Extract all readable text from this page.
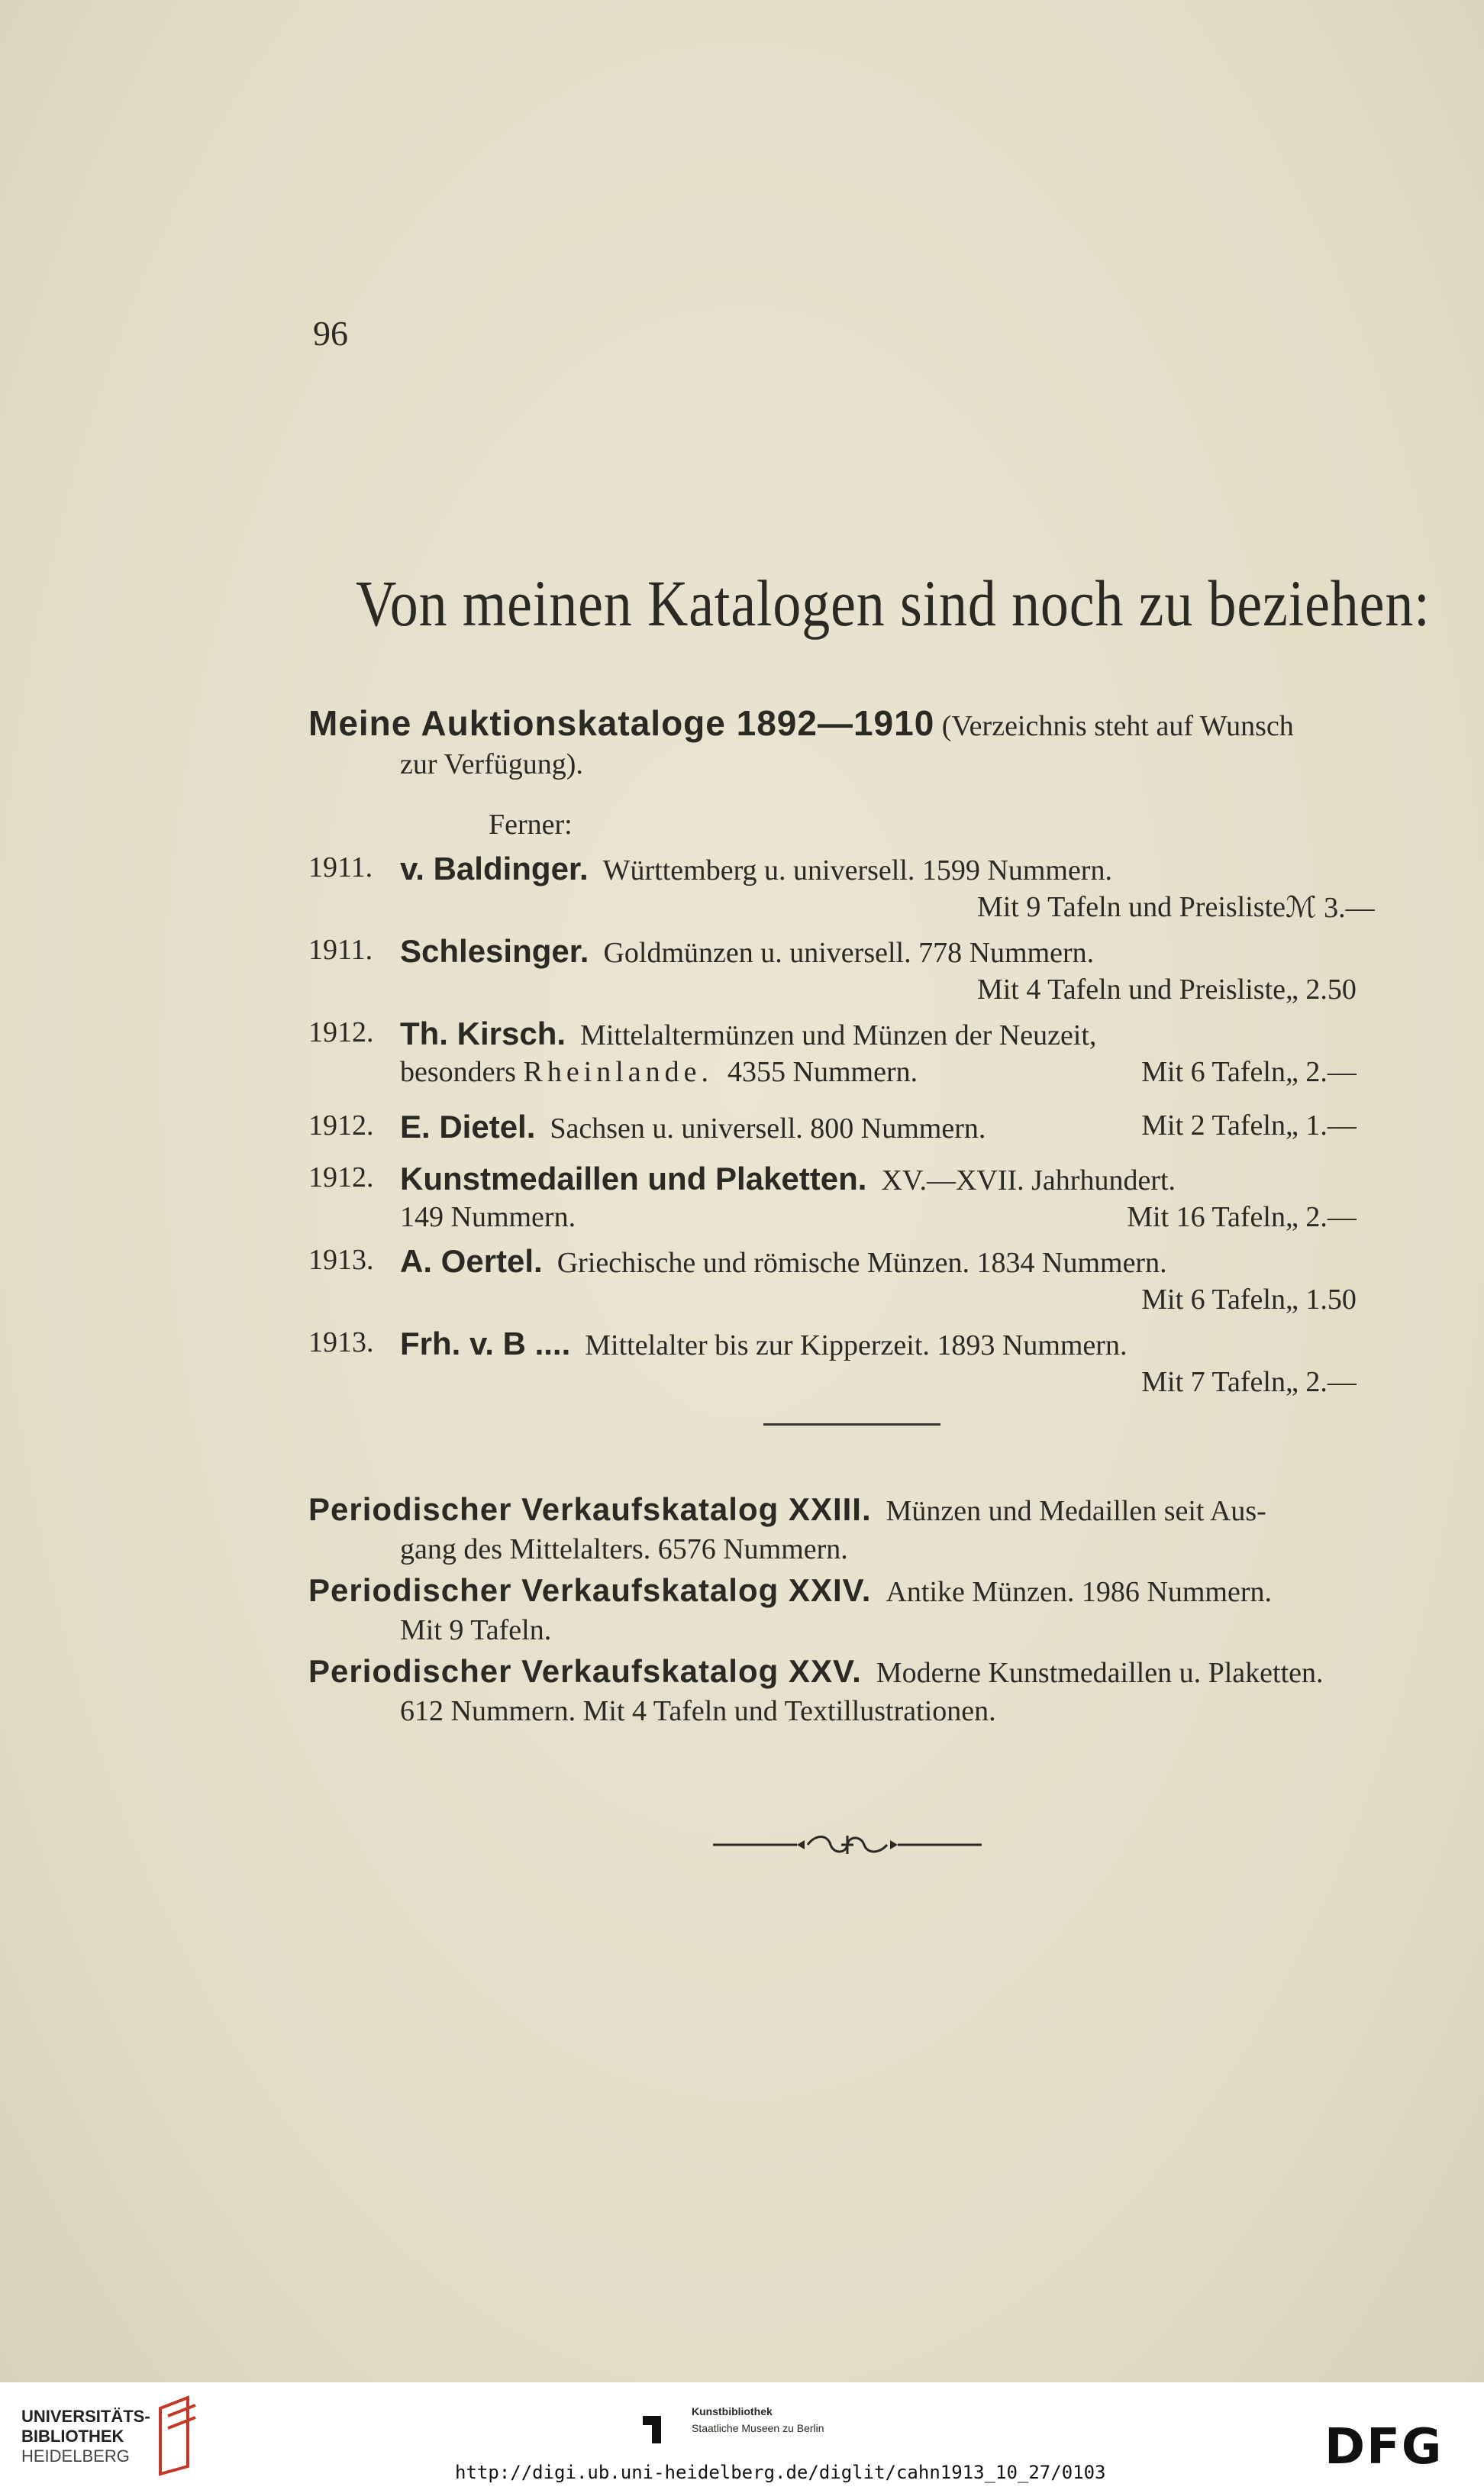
96
Von meinen Katalogen sind noch zu beziehen:
Meine Auktionskataloge 1892—1910 (Verzeichnis steht auf Wunsch
zur Verfügung).
Ferner:
1911. v. Baldinger. Württemberg u. universell. 1599 Nummern.
Mit 9 Tafeln und Preisliste ℳ 3.—
1911. Schlesinger. Goldmünzen u. universell. 778 Nummern.
Mit 4 Tafeln und Preisliste „ 2.50
1912. Th. Kirsch. Mittelaltermünzen und Münzen der Neuzeit,
besonders Rheinlande. 4355 Nummern.	Mit 6 Tafeln „ 2.—
1912. E. Dietel. Sachsen u. universell. 800 Nummern.	Mit 2 Tafeln „ 1.—
1912. Kunstmedaillen und Plaketten. XV.—XVII. Jahrhundert.
149 Nummern.	Mit 16 Tafeln „ 2.—
1913. A. Oertel. Griechische und römische Münzen. 1834 Nummern.
Mit 6 Tafeln „ 1.50
1913. Frh. v. B .... Mittelalter bis zur Kipperzeit. 1893 Nummern.
Mit 7 Tafeln „ 2.—
Periodischer Verkaufskatalog XXIII. Münzen und Medaillen seit Aus-
gang des Mittelalters. 6576 Nummern.
Periodischer Verkaufskatalog XXIV. Antike Münzen. 1986 Nummern.
Mit 9 Tafeln.
Periodischer Verkaufskatalog XXV. Moderne Kunstmedaillen u. Plaketten.
612 Nummern. Mit 4 Tafeln und Textillustrationen.
UNIVERSITÄTS-
BIBLIOTHEK
HEIDELBERG
Kunstbibliothek
Staatliche Museen zu Berlin	DFG
http://digi.ub.uni-heidelberg.de/diglit/cahn1913_10_27/0103
